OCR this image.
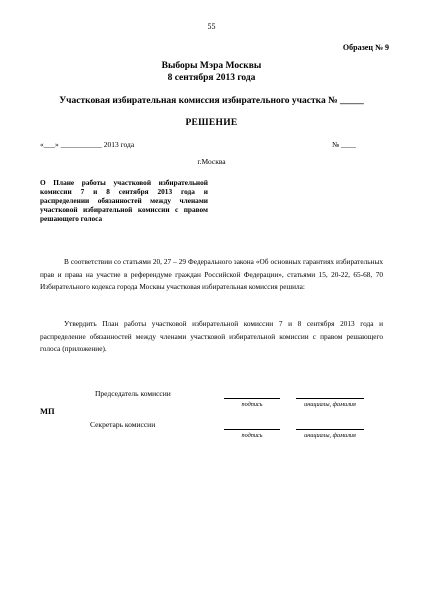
55
Образец № 9
Выборы Мэра Москвы
8 сентября 2013 года
Участковая избирательная комиссия избирательного участка № _____
РЕШЕНИЕ
«___» ___________ 2013 года	№ ____
г.Москва
О Плане работы участковой избирательной комиссии 7 и 8 сентября 2013 года и распределении обязанностей между членами участковой избирательной комиссии с правом решающего голоса
В соответствии со статьями 20, 27 – 29 Федерального закона «Об основных гарантиях избирательных прав и права на участие в референдуме граждан Российской Федерации», статьями 15, 20-22, 65-68, 70 Избирательного кодекса города Москвы участковая избирательная комиссия решила:
Утвердить План работы участковой избирательной комиссии 7 и 8 сентября 2013 года и распределение обязанностей между членами участковой избирательной комиссии с правом решающего голоса (приложение).
Председатель комиссии
подпись	инициалы, фамилия
МП
Секретарь комиссии
подпись	инициалы, фамилия
